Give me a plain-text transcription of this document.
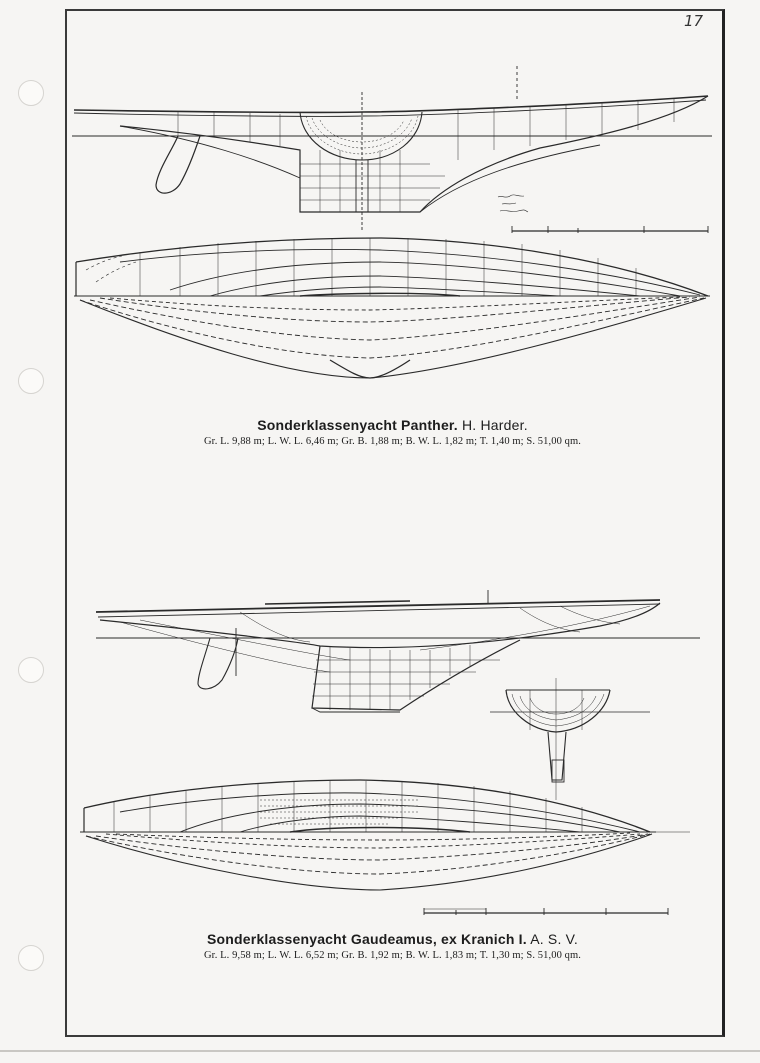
17
Sonderklassenyacht Panther. H. Harder.
Gr. L. 9,88 m; L. W. L. 6,46 m; Gr. B. 1,88 m; B. W. L. 1,82 m; T. 1,40 m; S. 51,00 qm.
Sonderklassenyacht Gaudeamus, ex Kranich I. A. S. V.
Gr. L. 9,58 m; L. W. L. 6,52 m; Gr. B. 1,92 m; B. W. L. 1,83 m; T. 1,30 m; S. 51,00 qm.
